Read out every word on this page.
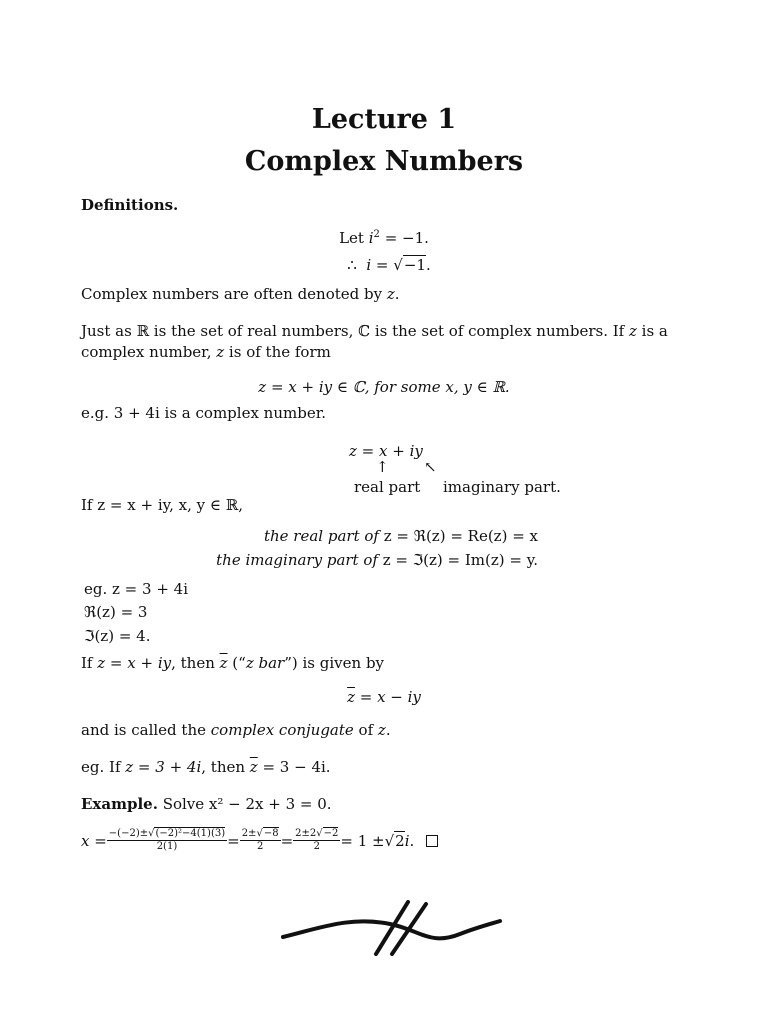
Lecture 1
Complex Numbers
Definitions.
Let $i^2 = -1$.
∴ i = √−1.
Complex numbers are often denoted by z.
Just as ℝ is the set of real numbers, ℂ is the set of complex numbers. If z is a complex number, z is of the form
z = x + iy ∈ ℂ, for some x, y ∈ ℝ.
e.g. 3 + 4i is a complex number.
z = x + iy
↑ ↖
real part imaginary part.
If z = x + iy, x, y ∈ ℝ,
the real part of z = ℜ(z) = Re(z) = x
the imaginary part of z = ℑ(z) = Im(z) = y.
eg. z = 3 + 4i
ℜ(z) = 3
ℑ(z) = 4.
If z = x + iy, then $\overline{z}$ (“z bar”) is given by
$\overline{z} = x$ − iy
and is called the complex conjugate of z.
eg. If z = 3 + 4i, then $\overline{z} = 3 - 4i$.
Example. Solve x² − 2x + 3 = 0.
$x = \frac{\text{−(−2)±√(−2)²−4(1)(3)}}{2(1)} = \frac{2\pm√-8}{2} = \frac{2\pm 2√-2}{2} = 1$ ± √ 2 i .
